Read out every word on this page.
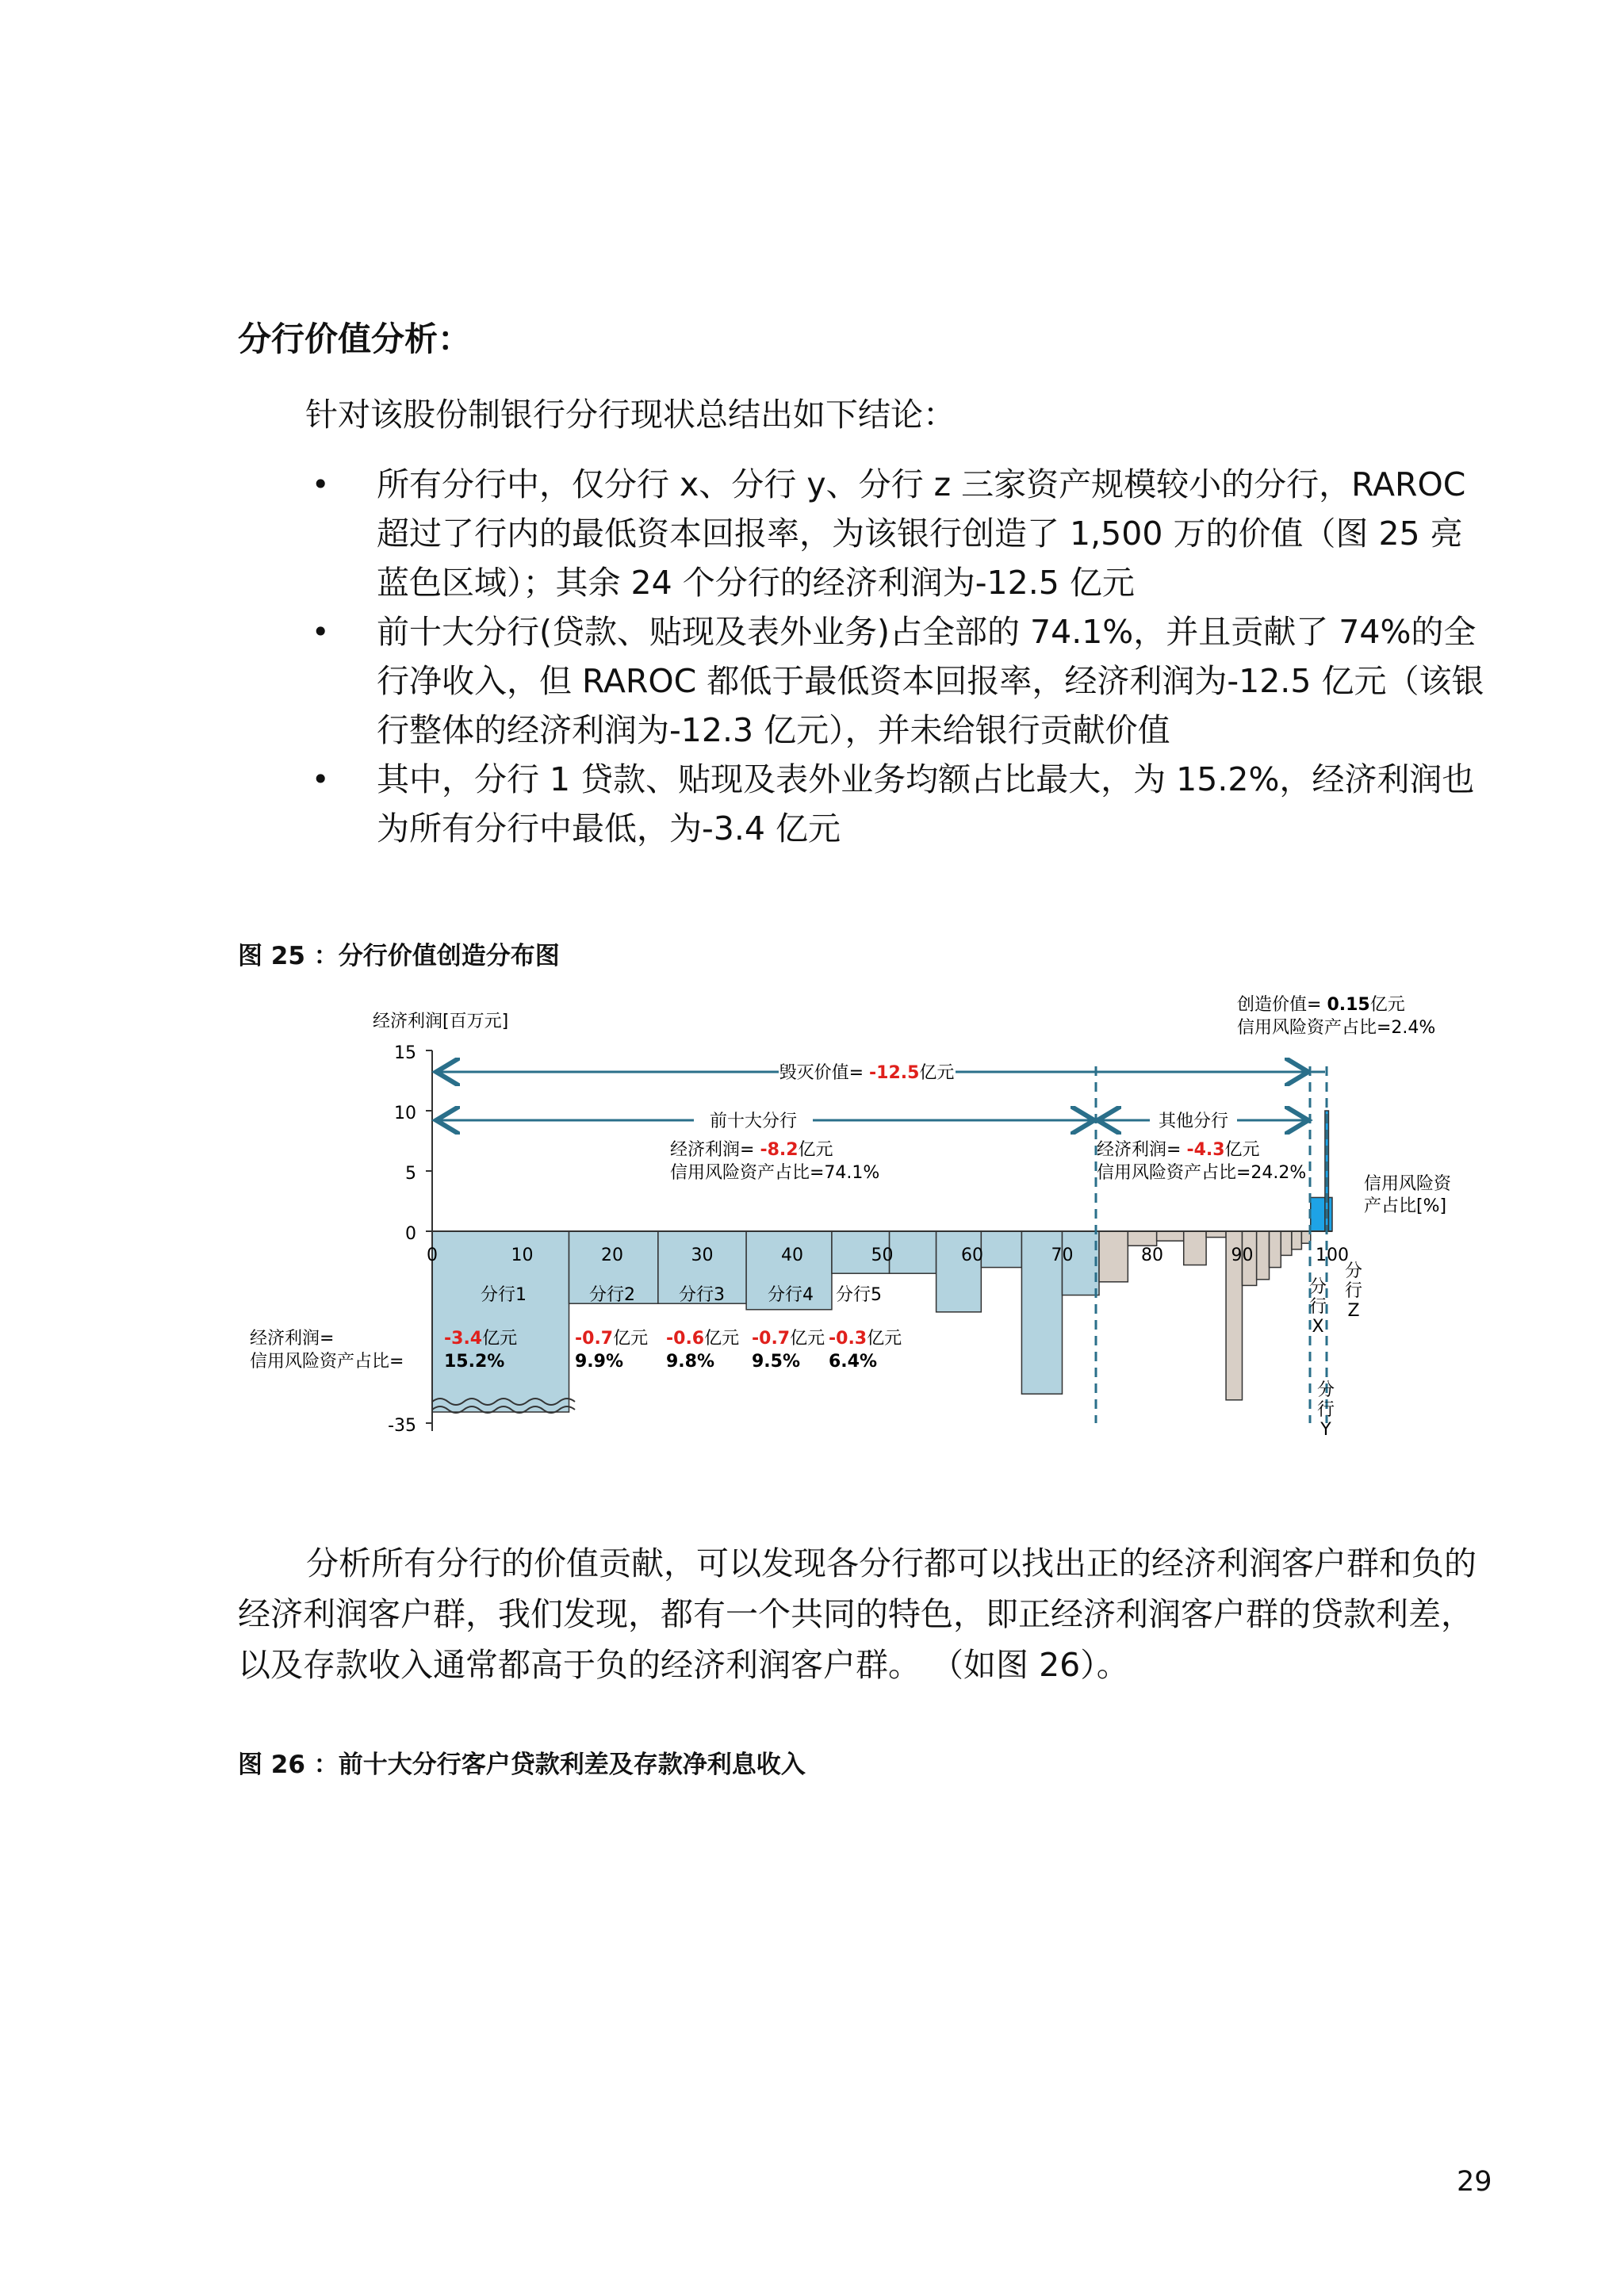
分行价值分析：
针对该股份制银行分行现状总结出如下结论：
• 所有分行中，仅分行 x、分行 y、分行 z 三家资产规模较小的分行，RAROC 超过了行内的最低资本回报率，为该银行创造了 1,500 万的价值（图 25 亮蓝色区域）；其余 24 个分行的经济利润为-12.5 亿元
• 前十大分行(贷款、贴现及表外业务)占全部的 74.1%，并且贡献了 74%的全行净收入，但 RAROC 都低于最低资本回报率，经济利润为-12.5 亿元（该银行整体的经济利润为-12.3 亿元），并未给银行贡献价值
• 其中，分行 1 贷款、贴现及表外业务均额占比最大，为 15.2%，经济利润也为所有分行中最低，为-3.4 亿元
图 25 ：分行价值创造分布图
15
10
5
0
-35
经济利润[百万元]
0	10	20	30	40	50	60	70	80	90	100
毁灭价值= -12.5亿元
前十大分行	其他分行
经济利润= -8.2亿元
信用风险资产占比=74.1%
经济利润= -4.3亿元
信用风险资产占比=24.2%
创造价值= 0.15亿元
信用风险资产占比=2.4%
信用风险资
产占比[%]
分行1	分行2	分行3 分行4 分行5
经济利润=
信用风险资产占比=
-3.4亿元
15.2%
-0.7亿元
9.9%
-0.6亿元
9.8%
-0.7亿元
9.5%
-0.3亿元
6.4%
分
行
X
分
行
Y
分
行
Z
分析所有分行的价值贡献，可以发现各分行都可以找出正的经济利润客户群和负的经济利润客户群，我们发现，都有一个共同的特色，即正经济利润客户群的贷款利差，以及存款收入通常都高于负的经济利润客户群。 （如图 26）。
图 26 ：前十大分行客户贷款利差及存款净利息收入
29
